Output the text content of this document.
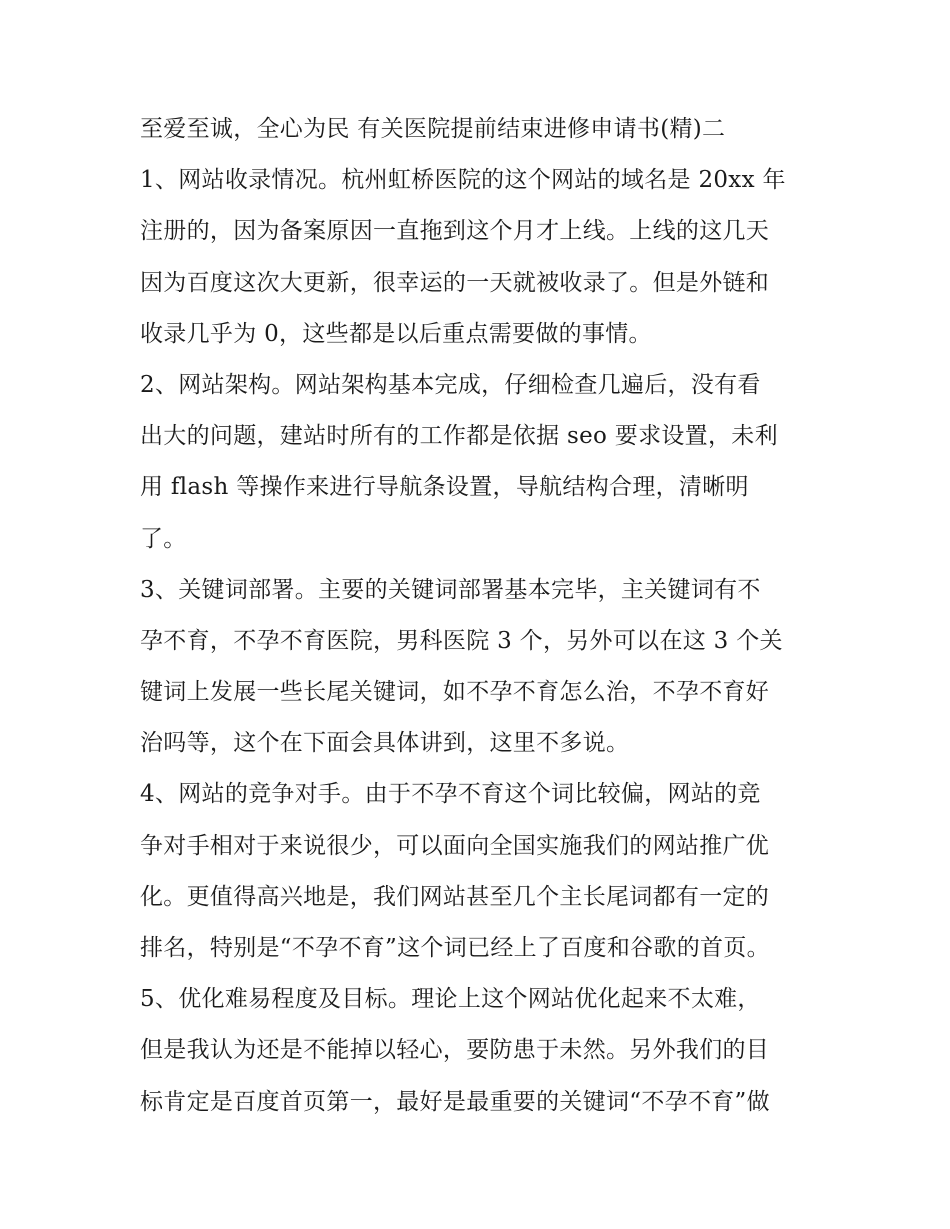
至爱至诚，全心为民 有关医院提前结束进修申请书(精)二
1、网站收录情况。杭州虹桥医院的这个网站的域名是 20xx 年
注册的，因为备案原因一直拖到这个月才上线。上线的这几天
因为百度这次大更新，很幸运的一天就被收录了。但是外链和
收录几乎为 0，这些都是以后重点需要做的事情。
2、网站架构。网站架构基本完成，仔细检查几遍后，没有看
出大的问题，建站时所有的工作都是依据 seo 要求设置，未利
用 flash 等操作来进行导航条设置，导航结构合理，清晰明
了。
3、关键词部署。主要的关键词部署基本完毕，主关键词有不
孕不育，不孕不育医院，男科医院 3 个，另外可以在这 3 个关
键词上发展一些长尾关键词，如不孕不育怎么治，不孕不育好
治吗等，这个在下面会具体讲到，这里不多说。
4、网站的竞争对手。由于不孕不育这个词比较偏，网站的竞
争对手相对于来说很少，可以面向全国实施我们的网站推广优
化。更值得高兴地是，我们网站甚至几个主长尾词都有一定的
排名，特别是“不孕不育”这个词已经上了百度和谷歌的首页。
5、优化难易程度及目标。理论上这个网站优化起来不太难，
但是我认为还是不能掉以轻心，要防患于未然。另外我们的目
标肯定是百度首页第一，最好是最重要的关键词“不孕不育”做
